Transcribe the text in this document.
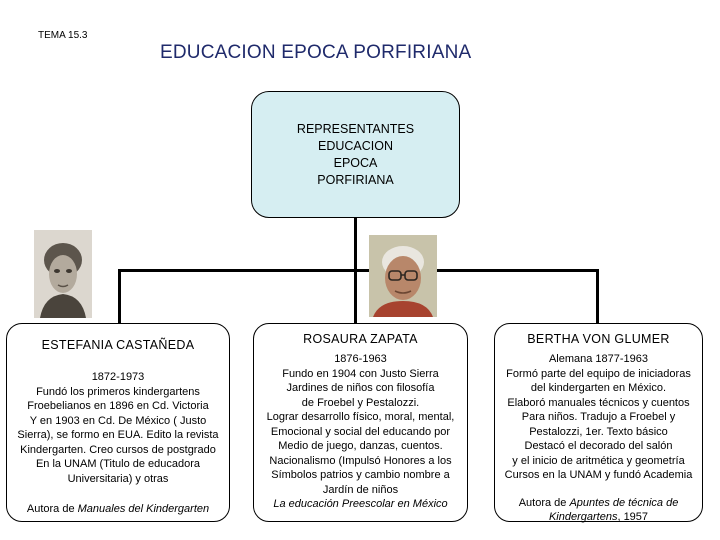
TEMA 15.3
EDUCACION EPOCA PORFIRIANA
REPRESENTANTES
EDUCACION
EPOCA
PORFIRIANA
ESTEFANIA CASTAÑEDA
1872-1973
Fundó los primeros kindergartens
Froebelianos en 1896 en Cd. Victoria
Y en 1903 en Cd. De México ( Justo
Sierra), se formo en EUA. Edito la revista
Kindergarten. Creo cursos de postgrado
En la UNAM (Titulo de educadora
Universitaria) y otras
Autora de Manuales del Kindergarten
ROSAURA ZAPATA
1876-1963
Fundo en 1904 con Justo Sierra
Jardines de niños con filosofía
de Froebel y Pestalozzi.
Lograr desarrollo físico, moral, mental,
Emocional y social del educando por
Medio de juego, danzas, cuentos.
Nacionalismo (Impulsó Honores a los
Símbolos patrios y cambio nombre a
Jardín de niños
La educación Preescolar en México
BERTHA VON GLUMER
Alemana 1877-1963
Formó parte del equipo de iniciadoras
del kindergarten en México.
Elaboró manuales técnicos y cuentos
Para niños. Tradujo a Froebel y
Pestalozzi, 1er. Texto básico
Destacó el decorado del salón
y el inicio de aritmética y geometría
Cursos en la UNAM y fundó Academia
Autora de Apuntes de técnica de Kindergartens, 1957
